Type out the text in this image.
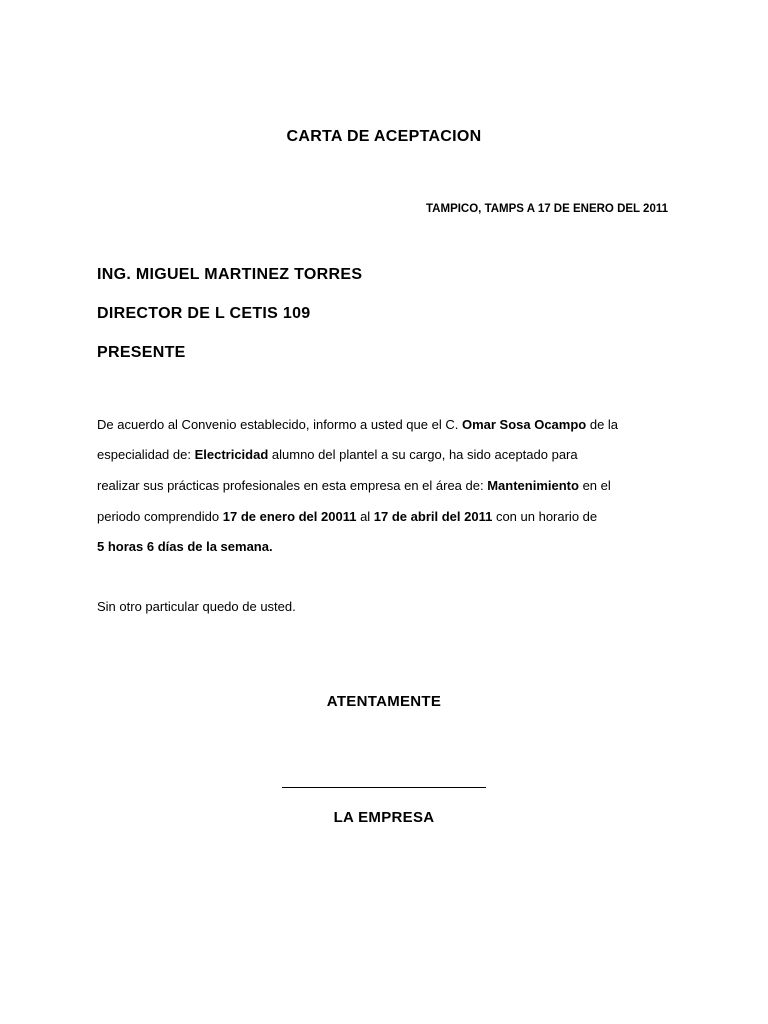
CARTA DE ACEPTACION
TAMPICO, TAMPS A 17 DE ENERO DEL 2011
ING. MIGUEL MARTINEZ TORRES
DIRECTOR DE L CETIS 109
PRESENTE
De acuerdo al Convenio establecido, informo a usted que el C. Omar Sosa Ocampo de la
especialidad de: Electricidad alumno del plantel a su cargo, ha sido aceptado para
realizar sus prácticas profesionales en esta empresa en el área de: Mantenimiento en el
periodo comprendido 17 de enero del 20011 al 17 de abril del 2011 con un horario de
5 horas 6 días de la semana.
Sin otro particular quedo de usted.
ATENTAMENTE
LA EMPRESA
